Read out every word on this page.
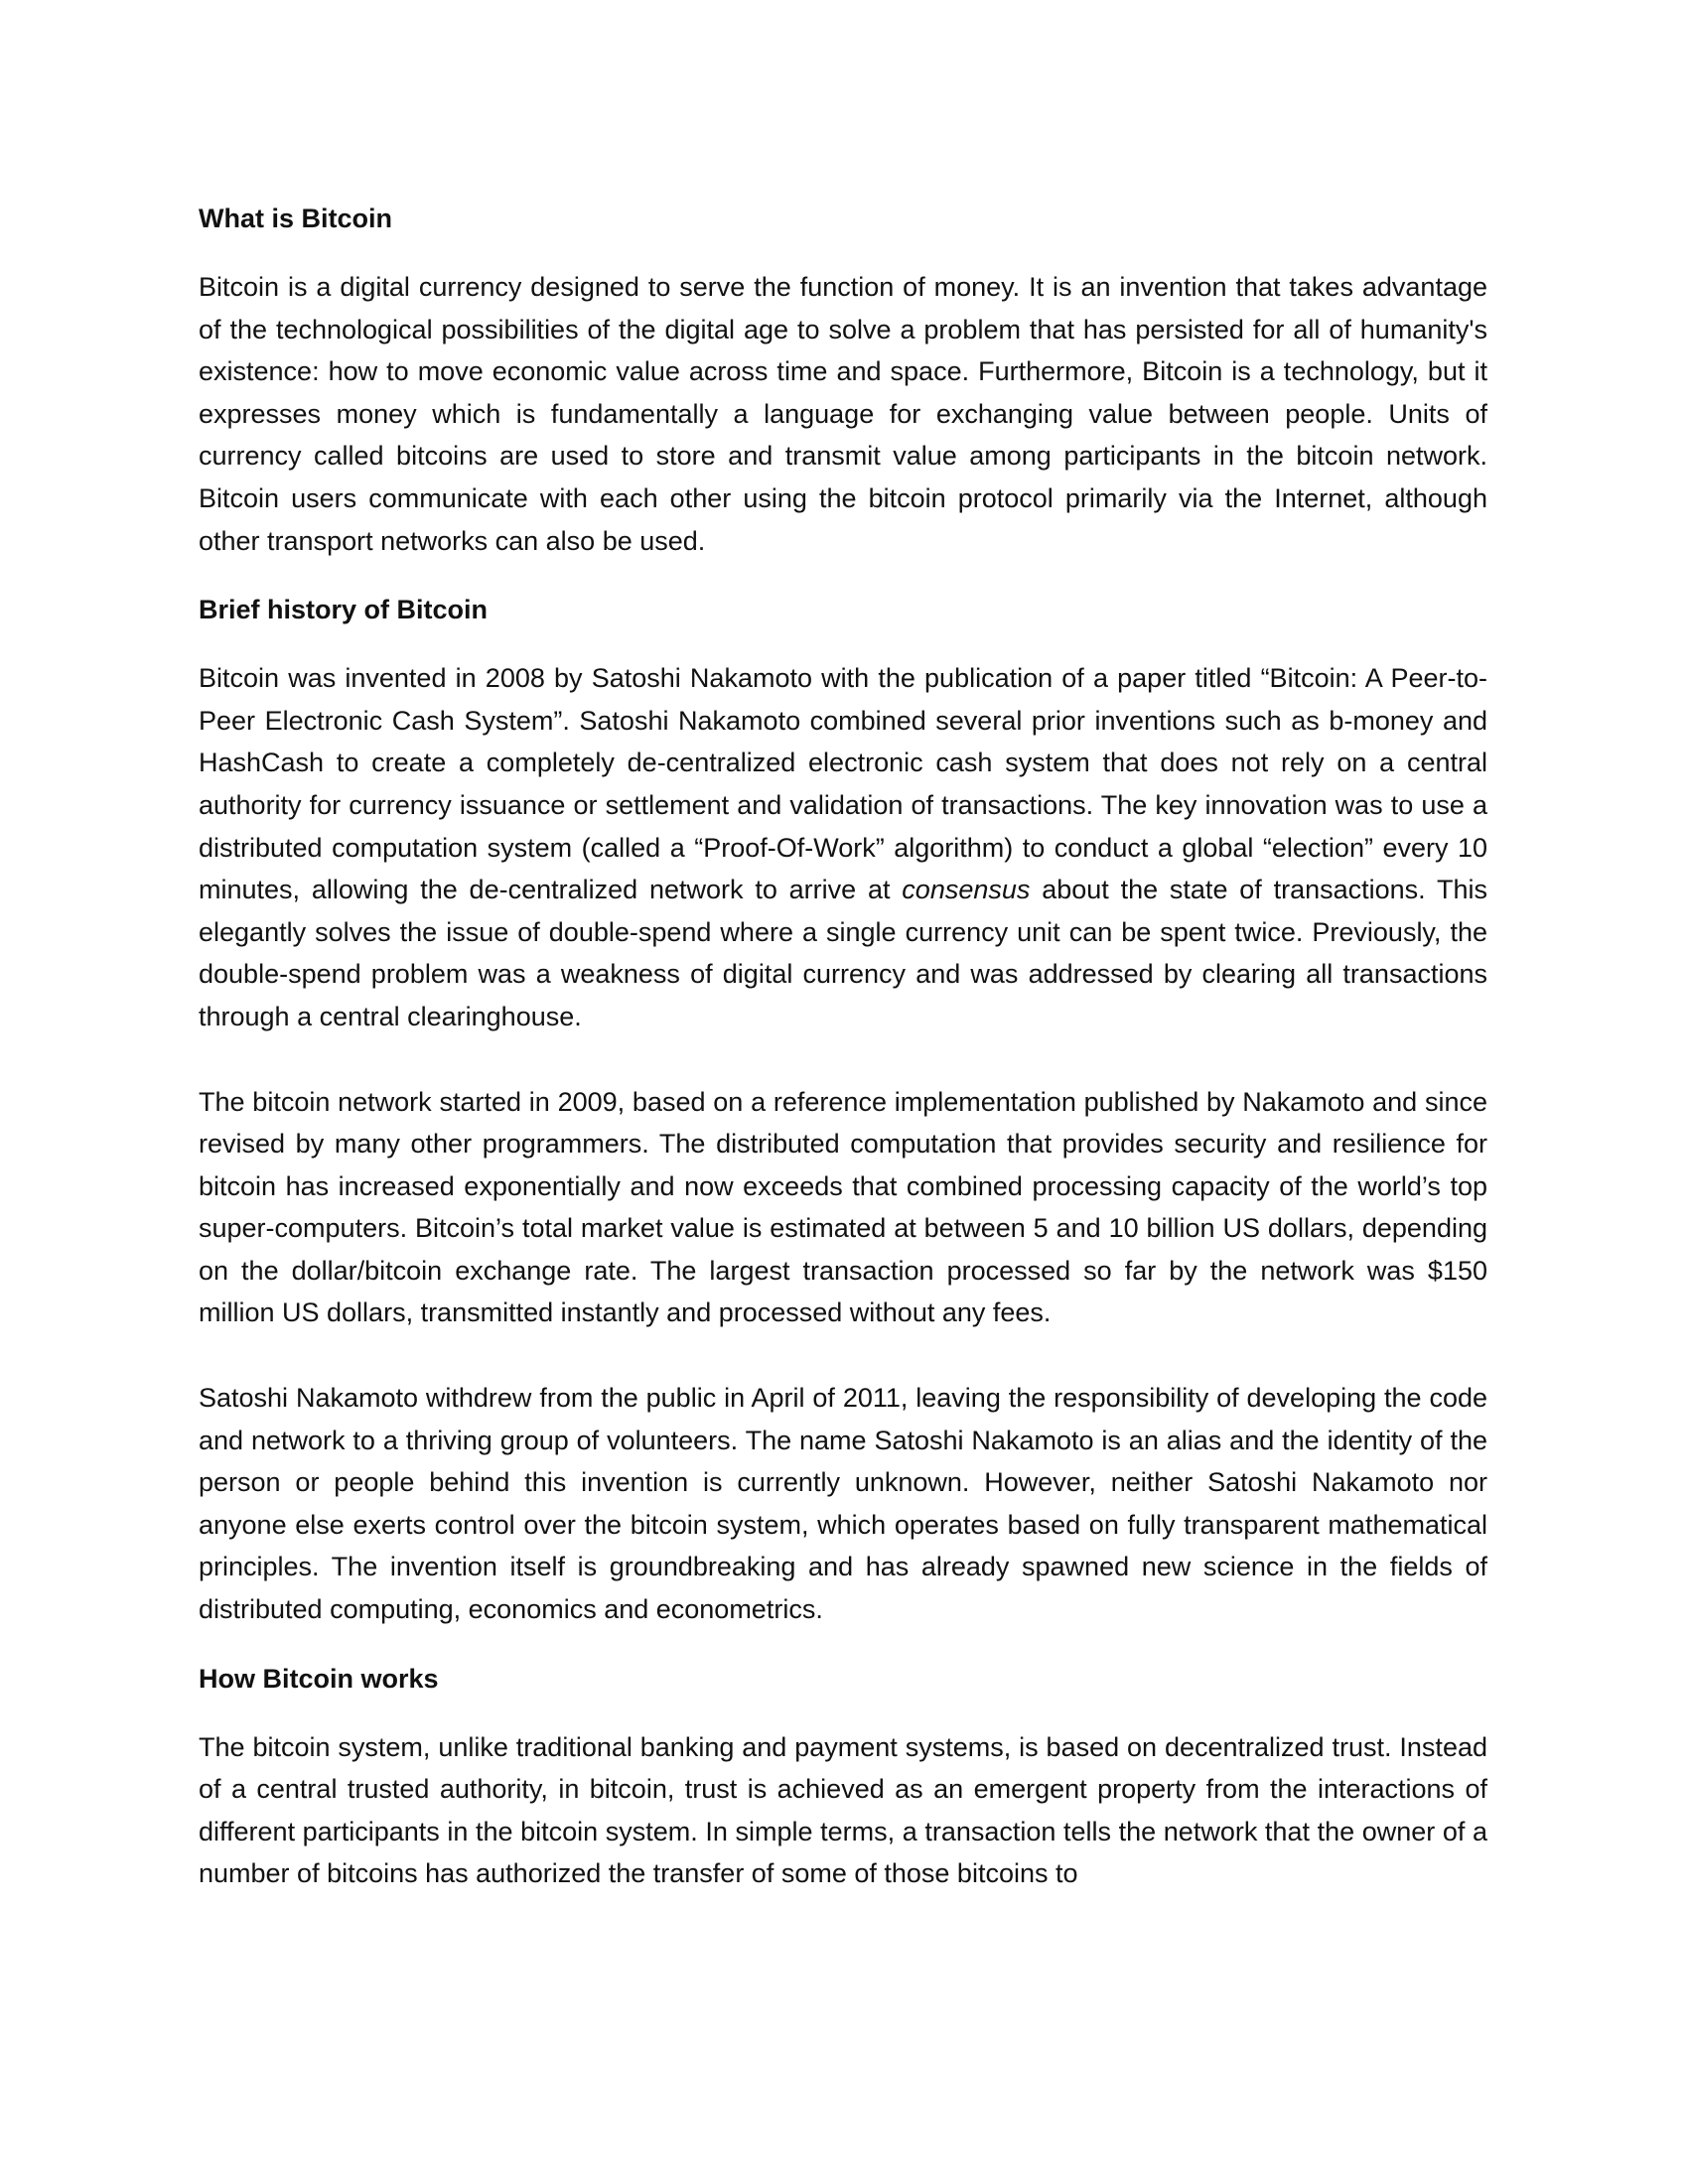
What is Bitcoin

Bitcoin is a digital currency designed to serve the function of money. It is an invention that takes advantage of the technological possibilities of the digital age to solve a problem that has persisted for all of humanity's existence: how to move economic value across time and space. Furthermore, Bitcoin is a technology, but it expresses money which is fundamentally a language for exchanging value between people. Units of currency called bitcoins are used to store and transmit value among participants in the bitcoin network. Bitcoin users communicate with each other using the bitcoin protocol primarily via the Internet, although other transport networks can also be used.

Brief history of Bitcoin

Bitcoin was invented in 2008 by Satoshi Nakamoto with the publication of a paper titled “Bitcoin: A Peer-to-Peer Electronic Cash System”. Satoshi Nakamoto combined several prior inventions such as b-money and HashCash to create a completely de-centralized electronic cash system that does not rely on a central authority for currency issuance or settlement and validation of transactions. The key innovation was to use a distributed computation system (called a “Proof-Of-Work” algorithm) to conduct a global “election” every 10 minutes, allowing the de-centralized network to arrive at consensus about the state of transactions. This elegantly solves the issue of double-spend where a single currency unit can be spent twice. Previously, the double-spend problem was a weakness of digital currency and was addressed by clearing all transactions through a central clearinghouse.

The bitcoin network started in 2009, based on a reference implementation published by Nakamoto and since revised by many other programmers. The distributed computation that provides security and resilience for bitcoin has increased exponentially and now exceeds that combined processing capacity of the world’s top super-computers. Bitcoin’s total market value is estimated at between 5 and 10 billion US dollars, depending on the dollar/bitcoin exchange rate. The largest transaction processed so far by the network was $150 million US dollars, transmitted instantly and processed without any fees.

Satoshi Nakamoto withdrew from the public in April of 2011, leaving the responsibility of developing the code and network to a thriving group of volunteers. The name Satoshi Nakamoto is an alias and the identity of the person or people behind this invention is currently unknown. However, neither Satoshi Nakamoto nor anyone else exerts control over the bitcoin system, which operates based on fully transparent mathematical principles. The invention itself is groundbreaking and has already spawned new science in the fields of distributed computing, economics and econometrics.

How Bitcoin works

The bitcoin system, unlike traditional banking and payment systems, is based on decentralized trust. Instead of a central trusted authority, in bitcoin, trust is achieved as an emergent property from the interactions of different participants in the bitcoin system. In simple terms, a transaction tells the network that the owner of a number of bitcoins has authorized the transfer of some of those bitcoins to
